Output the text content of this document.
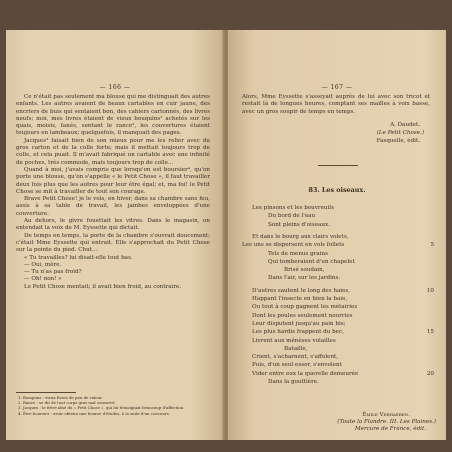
— 166 —

Ce n'était pas seulement ma blouse qui me distinguait des autres enfants. Les autres avaient de beaux cartables en cuir jaune, des encriers de buis qui sentaient bon, des cahiers cartonnés, des livres neufs; moi, mes livres étaient de vieux bouquins¹ achetés sur les quais, moisis, fanés, sentant le rance², les couvertures étaient toujours en lambeaux; quelquefois, il manquait des pages.

Jacques³ faisait bien de son mieux pour me les relier avec du gros carton et de la colle forte; mais il mettait toujours trop de colle, et cela puait. Il m'avait fabriqué un cartable avec une infinité de poches, très commode, mais toujours trop de colle...

Quand à moi, j'avais compris que lorsqu'on est boursier⁴, qu'on porte une blouse, qu'on s'appelle « le Petit Chose », il faut travailler deux fois plus que les autres pour leur être égal; et, ma foi! le Petit Chose se mit à travailler de tout son courage.

Brave Petit Chose! je le vois, en hiver, dans sa chambre sans feu, assis à sa table de travail, les jambes enveloppées d'une couverture.

Au dehors, le givre fouettait les vitres. Dans le magasin, on entendait la voix de M. Eyssette qui dictait.

De temps en temps, la porte de la chambre s'ouvrait doucement; c'était Mme Eyssette qui entrait. Elle s'approchait du Petit Chose sur la pointe du pied. Chut...

« Tu travailles? lui disait-elle tout bas.

— Oui, mère.

— Tu n'as pas froid?

— Oh! non! »

Le Petit Chose mentait; il avait bien froid, au contraire.

1. Bouquins : vieux livres de peu de valeur.
2. Rance : se dit de tout corps gras mal conservé.
3. Jacques : le frère aîné du « Petit Chose », qui lui témoignait beaucoup d'affection.
4. Être boursier : avoir obtenu une bourse d'études, à la suite d'un concours.
— 167 —

Alors, Mme Eyssette s'asseyait auprès de lui avec son tricot et restait là de longues heures, comptant ses mailles à voix basse, avec un gros soupir de temps en temps.

A. Daudet.
(Le Petit Chose.)
Fasquelle, édit.
83. Les oiseaux.
Les pinsons et les bouvreuils
Du bord de l'eau
Sont pleins d'oiseaux.
Et dans le bourg aux clairs volets,
Les uns se dispersent en vols follets	5
Tels de menus grains
Qui tomberaient d'un chapelet
Brisé soudain,
Dans l'air, sur les jardins.
D'autres sautent le long des haies,	10
Happant l'insecte en bien la baie,
Ou tout à coup gagnent les métairies
Dont les poules seulement nourries
Leur disputent jusqu'au pain bis;
Les plus hardis frappent du bec,	15
Livrent aux ménèses volailles
Bataille,
Crient, s'acharnent, s'affolent,
Puis, d'un seul essor, s'envolent
Vider entre eux la querelle demeurée	20
Dans la gouttière.
Émile Verhaeren.
(Toute la Flandre. III. Les Plaines.)
Mercure de France, édit.
